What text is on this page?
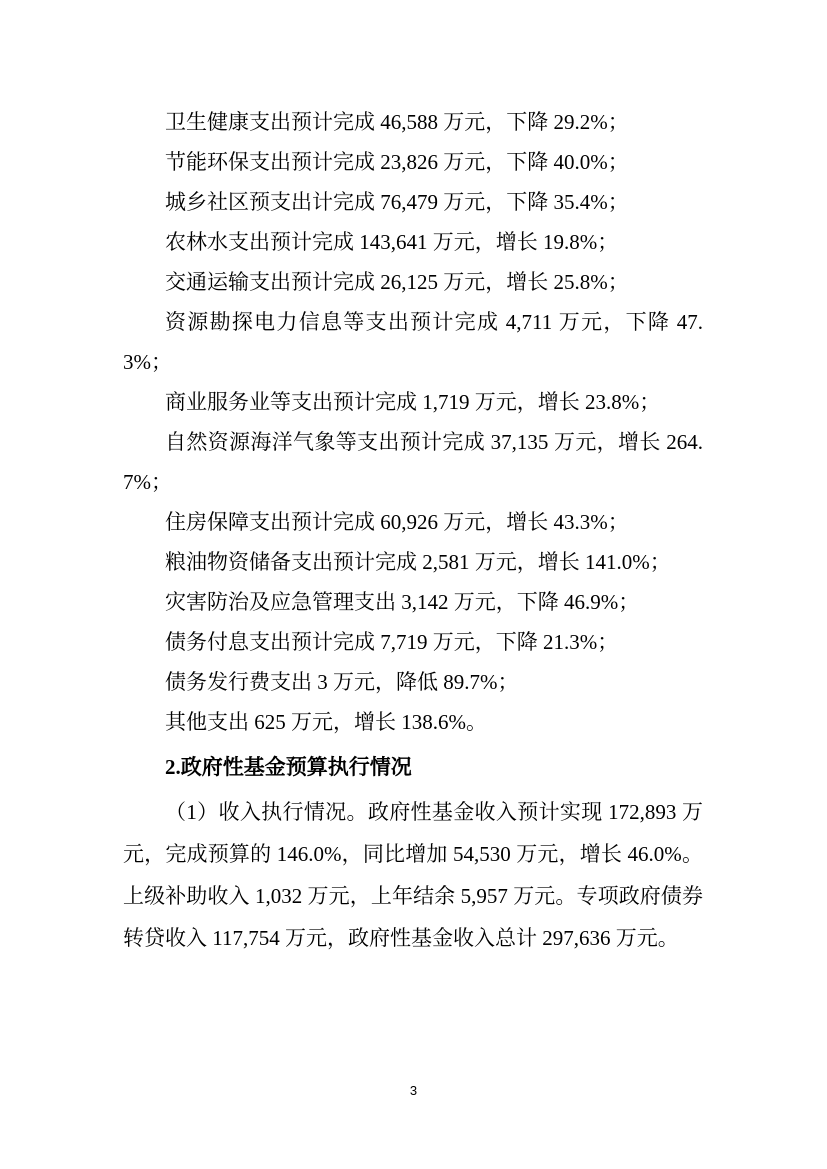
卫生健康支出预计完成 46,588 万元，下降 29.2%；

节能环保支出预计完成 23,826 万元，下降 40.0%；

城乡社区预支出计完成 76,479 万元，下降 35.4%；

农林水支出预计完成 143,641 万元，增长 19.8%；

交通运输支出预计完成 26,125 万元，增长 25.8%；

资源勘探电力信息等支出预计完成 4,711 万元，下降 47.3%；

商业服务业等支出预计完成 1,719 万元，增长 23.8%；

自然资源海洋气象等支出预计完成 37,135 万元，增长 264.7%；

住房保障支出预计完成 60,926 万元，增长 43.3%；

粮油物资储备支出预计完成 2,581 万元，增长 141.0%；

灾害防治及应急管理支出 3,142 万元，下降 46.9%；

债务付息支出预计完成 7,719 万元，下降 21.3%；

债务发行费支出 3 万元，降低 89.7%；

其他支出 625 万元，增长 138.6%。

2.政府性基金预算执行情况

（1）收入执行情况。政府性基金收入预计实现 172,893 万元，完成预算的 146.0%，同比增加 54,530 万元，增长 46.0%。上级补助收入 1,032 万元，上年结余 5,957 万元。专项政府债券转贷收入 117,754 万元，政府性基金收入总计 297,636 万元。

3
